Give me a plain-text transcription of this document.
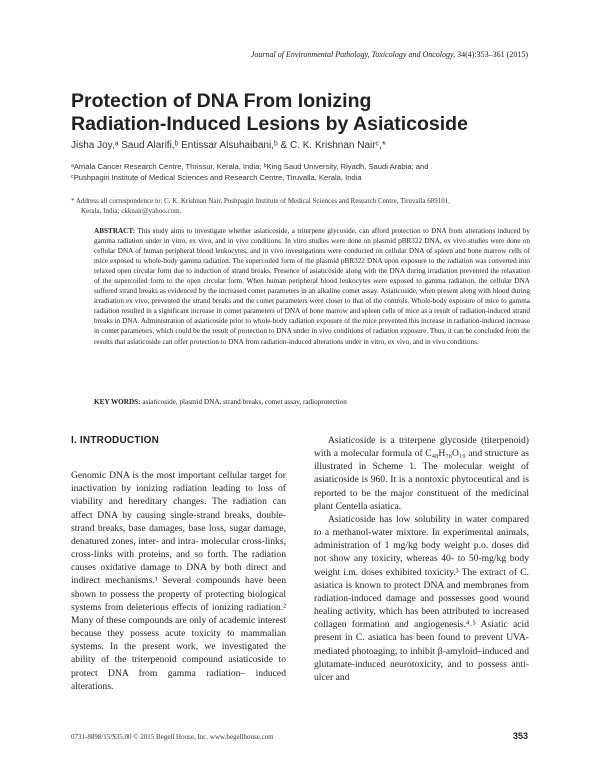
Journal of Environmental Pathology, Toxicology and Oncology, 34(4):353–361 (2015)
Protection of DNA From Ionizing
Radiation-Induced Lesions by Asiaticoside
Jisha Joy,ᵃ Saud Alarifi,ᵇ Entissar Alsuhaibani,ᵇ & C. K. Krishnan Nairᶜ,*
ᵃAmala Cancer Research Centre, Thrissur, Kerala, India; ᵇKing Saud University, Riyadh, Saudi Arabia; and
ᶜPushpagiri Institute of Medical Sciences and Research Centre, Tiruvalla, Kerala, India
* Address all correspondence to: C. K. Krishnan Nair, Pushpagiri Institute of Medical Sciences and Research Centre, Tiruvalla 689101,
Kerala, India; ckknair@yahoo.com.
ABSTRACT: This study aims to investigate whether asiaticoside, a triterpene glycoside, can afford protection to DNA from alterations induced by gamma radiation under in vitro, ex vivo, and in vivo conditions. In vitro studies were done on plasmid pBR322 DNA, ex vivo studies were done on cellular DNA of human peripheral blood leukocytes, and in vivo investigations were conducted on cellular DNA of spleen and bone marrow cells of mice exposed to whole-body gamma radiation. The supercoiled form of the plasmid pBR322 DNA upon exposure to the radiation was converted into relaxed open circular form due to induction of strand breaks. Presence of asiaticoside along with the DNA during irradiation prevented the relaxation of the supercoiled form to the open circular form. When human peripheral blood leukocytes were exposed to gamma radiation, the cellular DNA suffered strand breaks as evidenced by the increased comet parameters in an alkaline comet assay. Asiaticoside, when present along with blood during irradiation ex vivo, prevented the strand breaks and the comet parameters were closer to that of the controls. Whole-body exposure of mice to gamma radiation resulted in a significant increase in comet parameters of DNA of bone marrow and spleen cells of mice as a result of radiation-induced strand breaks in DNA. Administration of asiaticoside prior to whole-body radiation exposure of the mice prevented this increase in radiation-induced increase in comet parameters, which could be the result of protection to DNA under in vivo conditions of radiation exposure. Thus, it can be concluded from the results that asiaticoside can offer protection to DNA from radiation-induced alterations under in vitro, ex vivo, and in vivo conditions.
KEY WORDS: asiaticoside, plasmid DNA, strand breaks, comet assay, radioprotection
I. INTRODUCTION

Genomic DNA is the most important cellular target for inactivation by ionizing radiation leading to loss of viability and hereditary changes. The radiation can affect DNA by causing single-strand breaks, double-strand breaks, base damages, base loss, sugar damage, denatured zones, inter- and intra- molecular cross-links, cross-links with proteins, and so forth. The radiation causes oxidative damage to DNA by both direct and indirect mechanisms.¹ Several compounds have been shown to possess the property of protecting biological systems from deleterious effects of ionizing radiation.² Many of these compounds are only of academic interest because they possess acute toxicity to mammalian systems. In the present work, we investigated the ability of the triterpenoid compound asiaticoside to protect DNA from gamma radiation– induced alterations.

Asiaticoside is a triterpene glycoside (titerpenoid) with a molecular formula of C₄₈H₇₈O₁₉ and structure as illustrated in Scheme 1. The molecular weight of asiaticoside is 960. It is a nontoxic phytoceutical and is reported to be the major constituent of the medicinal plant Centella asiatica.

Asiaticoside has low solubility in water compared to a methanol-water mixture. In experimental animals, administration of 1 mg/kg body weight p.o. doses did not show any toxicity, whereas 40- to 50-mg/kg body weight i.m. doses exhibited toxicity.³ The extract of C. asiatica is known to protect DNA and membranes from radiation-induced damage and possesses good wound healing activity, which has been attributed to increased collagen formation and angiogenesis.⁴˒⁵ Asiatic acid present in C. asiatica has been found to prevent UVA-mediated photoaging, to inhibit β-amyloid–induced and glutamate-induced neurotoxicity, and to possess anti-ulcer and

0731-8898/15/$35.00 © 2015 Begell House, Inc. www.begellhouse.com	353
